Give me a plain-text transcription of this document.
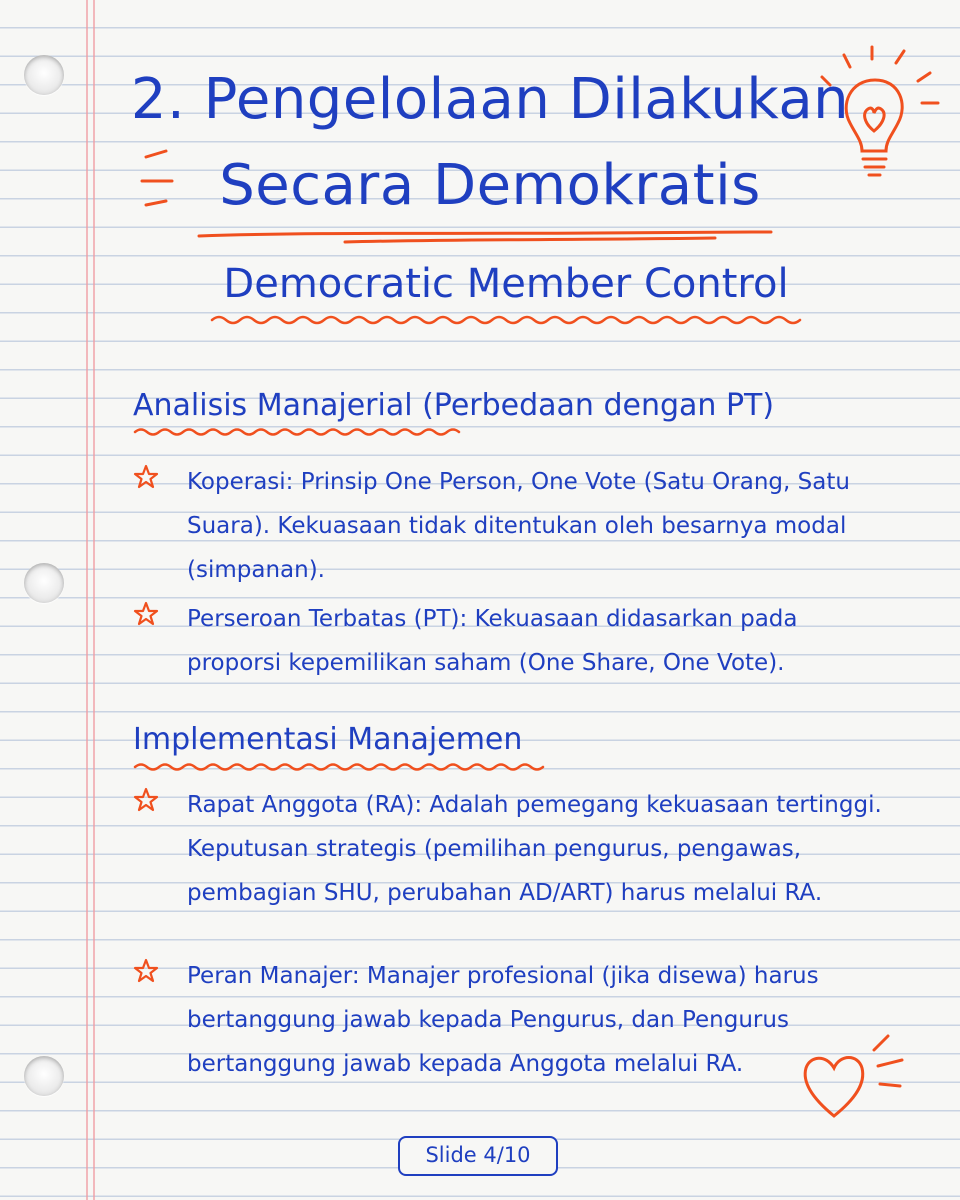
2. Pengelolaan Dilakukan
Secara Demokratis
Democratic Member Control
Analisis Manajerial (Perbedaan dengan PT)
Koperasi: Prinsip One Person, One Vote (Satu Orang, Satu Suara). Kekuasaan tidak ditentukan oleh besarnya modal (simpanan).
Perseroan Terbatas (PT): Kekuasaan didasarkan pada proporsi kepemilikan saham (One Share, One Vote).
Implementasi Manajemen
Rapat Anggota (RA): Adalah pemegang kekuasaan tertinggi. Keputusan strategis (pemilihan pengurus, pengawas, pembagian SHU, perubahan AD/ART) harus melalui RA.
Peran Manajer: Manajer profesional (jika disewa) harus bertanggung jawab kepada Pengurus, dan Pengurus bertanggung jawab kepada Anggota melalui RA.
Slide 4/10
